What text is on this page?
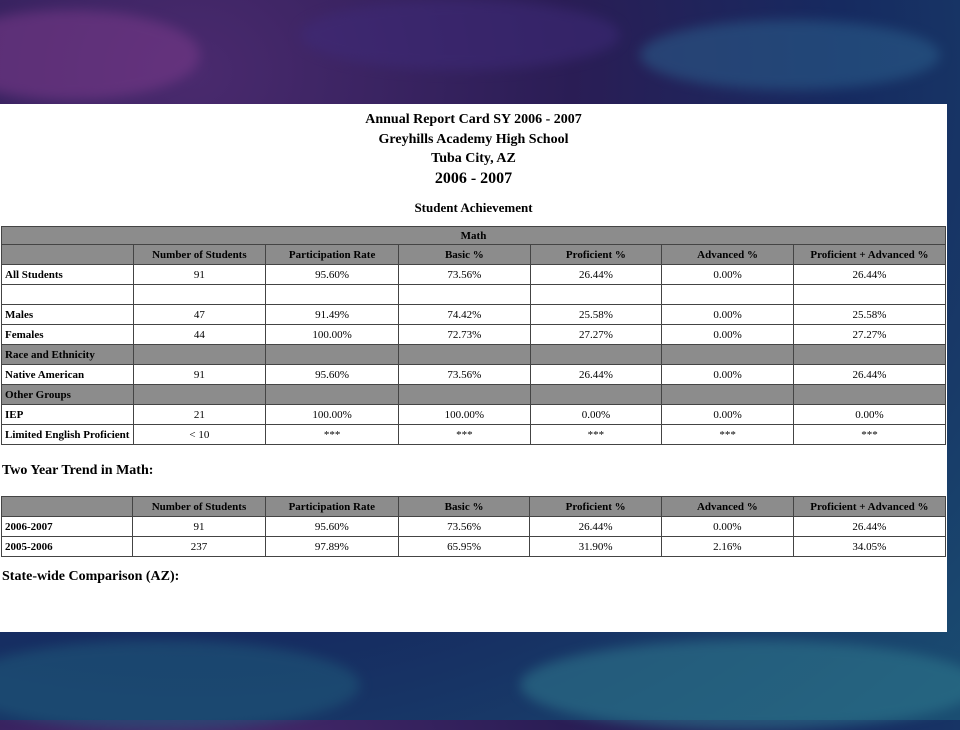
Annual Report Card SY 2006 - 2007
Greyhills Academy High School
Tuba City, AZ
2006 - 2007
Student Achievement
Math						
	Number of Students	Participation Rate	Basic %	Proficient %	Advanced %	Proficient + Advanced %
All Students	91	95.60%	73.56%	26.44%	0.00%	26.44%

Males	47	91.49%	74.42%	25.58%	0.00%	25.58%
Females	44	100.00%	72.73%	27.27%	0.00%	27.27%
Race and Ethnicity						
Native American	91	95.60%	73.56%	26.44%	0.00%	26.44%
Other Groups						
IEP	21	100.00%	100.00%	0.00%	0.00%	0.00%
Limited English Proficient	< 10	***	***	***	***	***
Two Year Trend in Math:
	Number of Students	Participation Rate	Basic %	Proficient %	Advanced %	Proficient + Advanced %
2006-2007	91	95.60%	73.56%	26.44%	0.00%	26.44%
2005-2006	237	97.89%	65.95%	31.90%	2.16%	34.05%
State-wide Comparison (AZ):
